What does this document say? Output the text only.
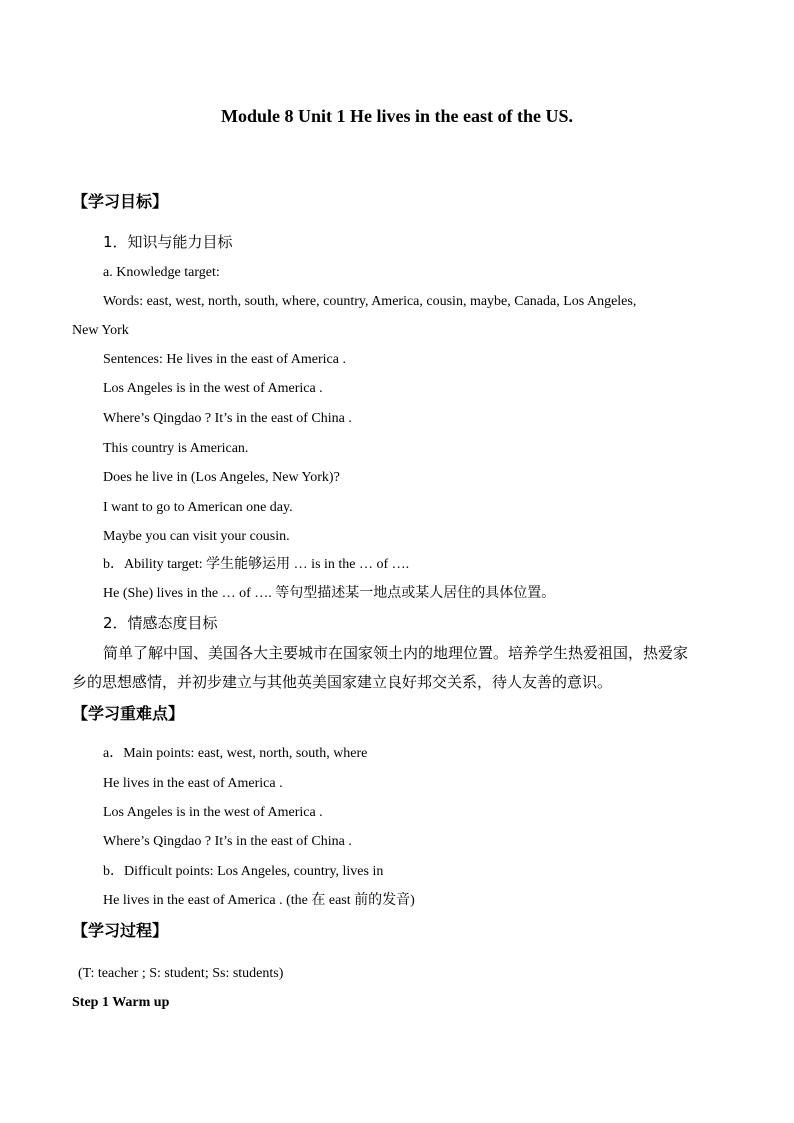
Module 8 Unit 1 He lives in the east of the US.
【学习目标】
1．知识与能力目标
a. Knowledge target:
Words: east, west, north, south, where, country, America, cousin, maybe, Canada, Los Angeles,
New York
Sentences: He lives in the east of America .
Los Angeles is in the west of America .
Where’s Qingdao ? It’s in the east of China .
This country is American.
Does he live in (Los Angeles, New York)?
I want to go to American one day.
Maybe you can visit your cousin.
b．Ability target: 学生能够运用 … is in the … of ….
He (She) lives in the … of …. 等句型描述某一地点或某人居住的具体位置。
2．情感态度目标
简单了解中国、美国各大主要城市在国家领土内的地理位置。培养学生热爱祖国，热爱家
乡的思想感情，并初步建立与其他英美国家建立良好邦交关系，待人友善的意识。
【学习重难点】
a．Main points: east, west, north, south, where
He lives in the east of America .
Los Angeles is in the west of America .
Where’s Qingdao ? It’s in the east of China .
b．Difficult points: Los Angeles, country, lives in
He lives in the east of America . (the 在 east 前的发音)
【学习过程】
(T: teacher ; S: student; Ss: students)
Step 1 Warm up
